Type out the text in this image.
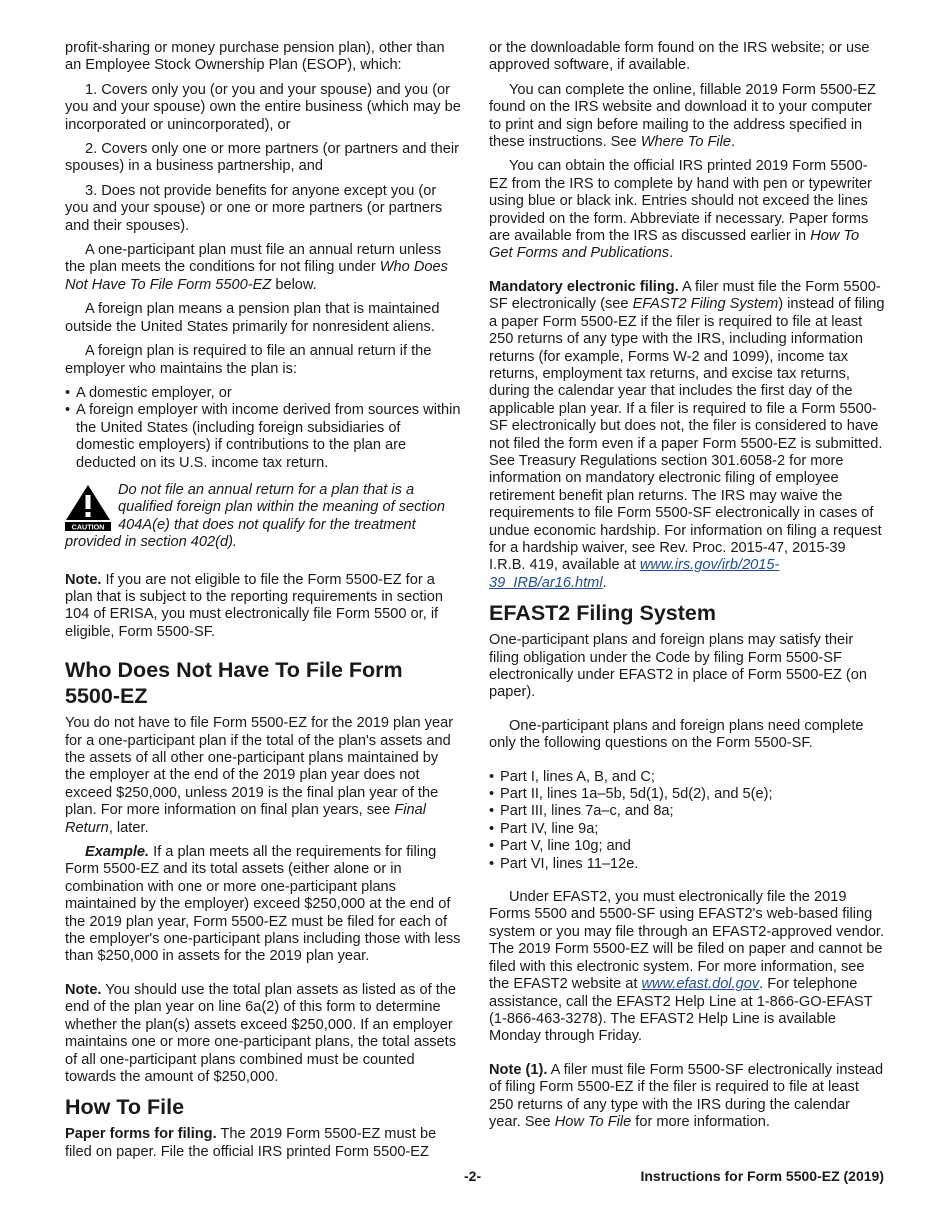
profit-sharing or money purchase pension plan), other than an Employee Stock Ownership Plan (ESOP), which:

1. Covers only you (or you and your spouse) and you (or you and your spouse) own the entire business (which may be incorporated or unincorporated), or

2. Covers only one or more partners (or partners and their spouses) in a business partnership, and

3. Does not provide benefits for anyone except you (or you and your spouse) or one or more partners (or partners and their spouses).

A one-participant plan must file an annual return unless the plan meets the conditions for not filing under Who Does Not Have To File Form 5500-EZ below.

A foreign plan means a pension plan that is maintained outside the United States primarily for nonresident aliens.

A foreign plan is required to file an annual return if the employer who maintains the plan is:

• A domestic employer, or

• A foreign employer with income derived from sources within the United States (including foreign subsidiaries of domestic employers) if contributions to the plan are deducted on its U.S. income tax return.

CAUTION
Do not file an annual return for a plan that is a qualified foreign plan within the meaning of section 404A(e) that does not qualify for the treatment provided in section 402(d).

Note. If you are not eligible to file the Form 5500-EZ for a plan that is subject to the reporting requirements in section 104 of ERISA, you must electronically file Form 5500 or, if eligible, Form 5500-SF.

Who Does Not Have To File Form 5500-EZ

You do not have to file Form 5500-EZ for the 2019 plan year for a one-participant plan if the total of the plan's assets and the assets of all other one-participant plans maintained by the employer at the end of the 2019 plan year does not exceed $250,000, unless 2019 is the final plan year of the plan. For more information on final plan years, see Final Return, later.

Example. If a plan meets all the requirements for filing Form 5500-EZ and its total assets (either alone or in combination with one or more one-participant plans maintained by the employer) exceed $250,000 at the end of the 2019 plan year, Form 5500-EZ must be filed for each of the employer's one-participant plans including those with less than $250,000 in assets for the 2019 plan year.

Note. You should use the total plan assets as listed as of the end of the plan year on line 6a(2) of this form to determine whether the plan(s) assets exceed $250,000. If an employer maintains one or more one-participant plans, the total assets of all one-participant plans combined must be counted towards the amount of $250,000.

How To File

Paper forms for filing. The 2019 Form 5500-EZ must be filed on paper. File the official IRS printed Form 5500-EZ

or the downloadable form found on the IRS website; or use approved software, if available.

You can complete the online, fillable 2019 Form 5500-EZ found on the IRS website and download it to your computer to print and sign before mailing to the address specified in these instructions. See Where To File.

You can obtain the official IRS printed 2019 Form 5500-EZ from the IRS to complete by hand with pen or typewriter using blue or black ink. Entries should not exceed the lines provided on the form. Abbreviate if necessary. Paper forms are available from the IRS as discussed earlier in How To Get Forms and Publications.

Mandatory electronic filing. A filer must file the Form 5500-SF electronically (see EFAST2 Filing System) instead of filing a paper Form 5500-EZ if the filer is required to file at least 250 returns of any type with the IRS, including information returns (for example, Forms W-2 and 1099), income tax returns, employment tax returns, and excise tax returns, during the calendar year that includes the first day of the applicable plan year. If a filer is required to file a Form 5500-SF electronically but does not, the filer is considered to have not filed the form even if a paper Form 5500-EZ is submitted. See Treasury Regulations section 301.6058-2 for more information on mandatory electronic filing of employee retirement benefit plan returns. The IRS may waive the requirements to file Form 5500-SF electronically in cases of undue economic hardship. For information on filing a request for a hardship waiver, see Rev. Proc. 2015-47, 2015-39 I.R.B. 419, available at www.irs.gov/irb/2015-39_IRB/ar16.html.

EFAST2 Filing System

One-participant plans and foreign plans may satisfy their filing obligation under the Code by filing Form 5500-SF electronically under EFAST2 in place of Form 5500-EZ (on paper).

One-participant plans and foreign plans need complete only the following questions on the Form 5500-SF.

• Part I, lines A, B, and C;

• Part II, lines 1a–5b, 5d(1), 5d(2), and 5(e);

• Part III, lines 7a–c, and 8a;

• Part IV, line 9a;

• Part V, line 10g; and

• Part VI, lines 11–12e.

Under EFAST2, you must electronically file the 2019 Forms 5500 and 5500-SF using EFAST2's web-based filing system or you may file through an EFAST2-approved vendor. The 2019 Form 5500-EZ will be filed on paper and cannot be filed with this electronic system. For more information, see the EFAST2 website at www.efast.dol.gov. For telephone assistance, call the EFAST2 Help Line at 1-866-GO-EFAST (1-866-463-3278). The EFAST2 Help Line is available Monday through Friday.

Note (1). A filer must file Form 5500-SF electronically instead of filing Form 5500-EZ if the filer is required to file at least 250 returns of any type with the IRS during the calendar year. See How To File for more information.

-2-	Instructions for Form 5500-EZ (2019)
